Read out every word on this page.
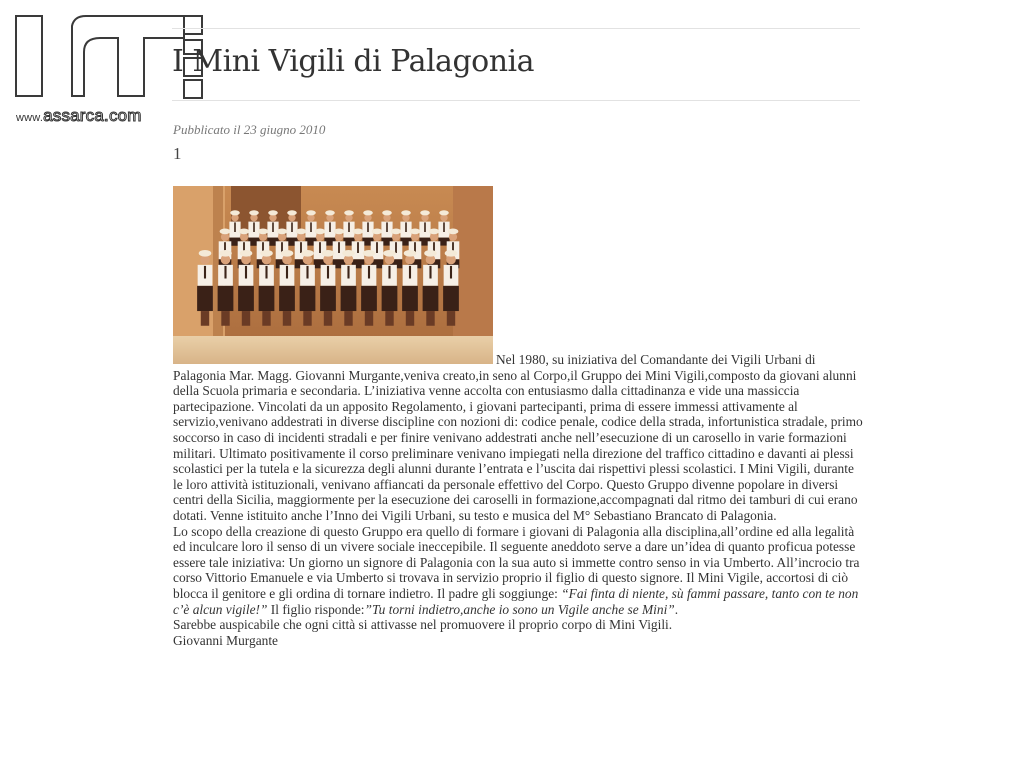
www.assarca.com
I Mini Vigili di Palagonia
Pubblicato il 23 giugno 2010
1

Nel 1980, su iniziativa del Comandante dei Vigili Urbani di Palagonia Mar. Magg. Giovanni Murgante,veniva creato,in seno al Corpo,il Gruppo dei Mini Vigili,composto da giovani alunni della Scuola primaria e secondaria. L’iniziativa venne accolta con entusiasmo dalla cittadinanza e vide una massiccia partecipazione. Vincolati da un apposito Regolamento, i giovani partecipanti, prima di essere immessi attivamente al servizio,venivano addestrati in diverse discipline con nozioni di: codice penale, codice della strada, infortunistica stradale, primo soccorso in caso di incidenti stradali e per finire venivano addestrati anche nell’esecuzione di un carosello in varie formazioni militari. Ultimato positivamente il corso preliminare venivano impiegati nella direzione del traffico cittadino e davanti ai plessi scolastici per la tutela e la sicurezza degli alunni durante l’entrata e l’uscita dai rispettivi plessi scolastici. I Mini Vigili, durante le loro attività istituzionali, venivano affiancati da personale effettivo del Corpo. Questo Gruppo divenne popolare in diversi centri della Sicilia, maggiormente per la esecuzione dei caroselli in formazione,accompagnati dal ritmo dei tamburi di cui erano dotati. Venne istituito anche l’Inno dei Vigili Urbani, su testo e musica del M° Sebastiano Brancato di Palagonia.

Lo scopo della creazione di questo Gruppo era quello di formare i giovani di Palagonia alla disciplina,all’ordine ed alla legalità ed inculcare loro il senso di un vivere sociale ineccepibile. Il seguente aneddoto serve a dare un’idea di quanto proficua potesse essere tale iniziativa: Un giorno un signore di Palagonia con la sua auto si immette contro senso in via Umberto. All’incrocio tra corso Vittorio Emanuele e via Umberto si trovava in servizio proprio il figlio di questo signore. Il Mini Vigile, accortosi di ciò blocca il genitore e gli ordina di tornare indietro. Il padre gli soggiunge: “Fai finta di niente, sù fammi passare, tanto con te non c’è alcun vigile!” Il figlio risponde:”Tu torni indietro,anche io sono un Vigile anche se Mini”.

Sarebbe auspicabile che ogni città si attivasse nel promuovere il proprio corpo di Mini Vigili.

Giovanni Murgante
